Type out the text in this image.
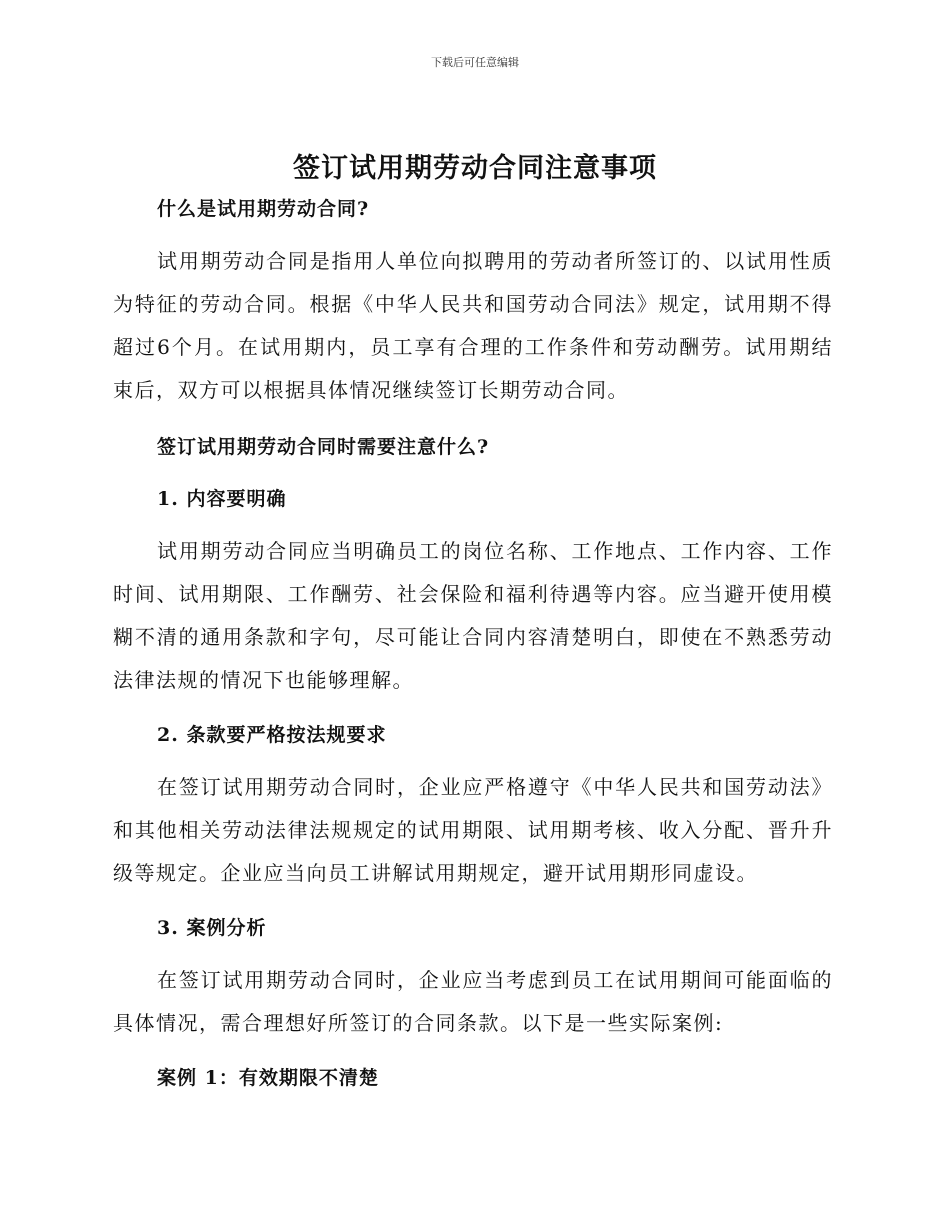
下载后可任意编辑
签订试用期劳动合同注意事项

什么是试用期劳动合同?

试用期劳动合同是指用人单位向拟聘用的劳动者所签订的、以试用性质为特征的劳动合同。根据《中华人民共和国劳动合同法》规定，试用期不得超过6个月。在试用期内，员工享有合理的工作条件和劳动酬劳。试用期结束后，双方可以根据具体情况继续签订长期劳动合同。

签订试用期劳动合同时需要注意什么?

1. 内容要明确

试用期劳动合同应当明确员工的岗位名称、工作地点、工作内容、工作时间、试用期限、工作酬劳、社会保险和福利待遇等内容。应当避开使用模糊不清的通用条款和字句，尽可能让合同内容清楚明白，即使在不熟悉劳动法律法规的情况下也能够理解。

2. 条款要严格按法规要求

在签订试用期劳动合同时，企业应严格遵守《中华人民共和国劳动法》和其他相关劳动法律法规规定的试用期限、试用期考核、收入分配、晋升升级等规定。企业应当向员工讲解试用期规定，避开试用期形同虚设。

3. 案例分析

在签订试用期劳动合同时，企业应当考虑到员工在试用期间可能面临的具体情况，需合理想好所签订的合同条款。以下是一些实际案例:

案例 1：有效期限不清楚
